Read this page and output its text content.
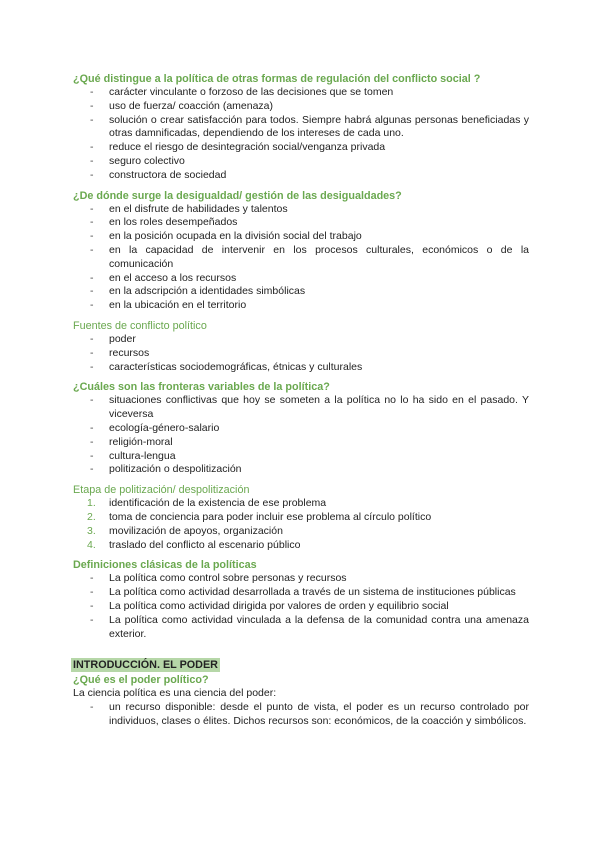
¿Qué distingue a la política de otras formas de regulación del conflicto social ?

- carácter vinculante o forzoso de las decisiones que se tomen
- uso de fuerza/ coacción (amenaza)
- solución o crear satisfacción para todos. Siempre habrá algunas personas beneficiadas y otras damnificadas, dependiendo de los intereses de cada uno.
- reduce el riesgo de desintegración social/venganza privada
- seguro colectivo
- constructora de sociedad

¿De dónde surge la desigualdad/ gestión de las desigualdades?

- en el disfrute de habilidades y talentos
- en los roles desempeñados
- en la posición ocupada en la división social del trabajo
- en la capacidad de intervenir en los procesos culturales, económicos o de la comunicación
- en el acceso a los recursos
- en la adscripción a identidades simbólicas
- en la ubicación en el territorio

Fuentes de conflicto político

- poder
- recursos
- características sociodemográficas, étnicas y culturales

¿Cuáles son las fronteras variables de la política?

- situaciones conflictivas que hoy se someten a la política no lo ha sido en el pasado. Y viceversa
- ecología-género-salario
- religión-moral
- cultura-lengua
- politización o despolitización

Etapa de politización/ despolitización

1. identificación de la existencia de ese problema
2. toma de conciencia para poder incluir ese problema al círculo político
3. movilización de apoyos, organización
4. traslado del conflicto al escenario público

Definiciones clásicas de la políticas

- La política como control sobre personas y recursos
- La política como actividad desarrollada a través de un sistema de instituciones públicas
- La política como actividad dirigida por valores de orden y equilibrio social
- La política como actividad vinculada a la defensa de la comunidad contra una amenaza exterior.
INTRODUCCIÓN. EL PODER

¿Qué es el poder político?

La ciencia política es una ciencia del poder:

- un recurso disponible: desde el punto de vista, el poder es un recurso controlado por individuos, clases o élites. Dichos recursos son: económicos, de la coacción y simbólicos.
